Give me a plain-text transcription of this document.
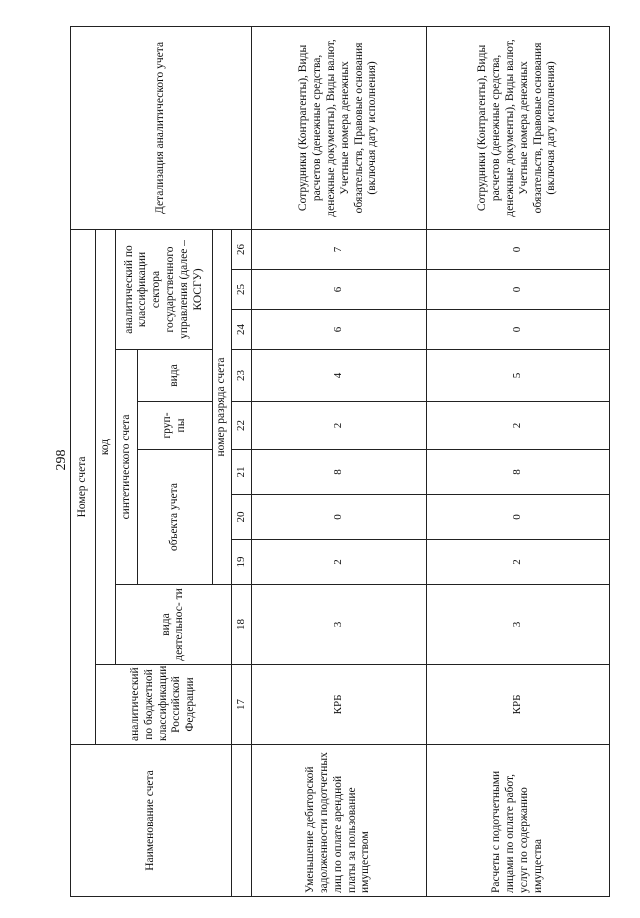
298
Наименование счета	Номер счета										Детализация аналитического учета
	аналитический по бюджетной классификации Российской Федерации	код									
		вида деятельнос- ти	синтетического счета					аналитический по классификации сектора государственного управления (далее – КОСГУ)			
			объекта учета			груп- пы	вида				
			номер разряда счета								
	17	18	19	20	21	22	23	24	25	26	
Уменьшение дебиторской задолженности подотчетных лиц по оплате арендной платы за пользование имуществом	КРБ	3	2	0	8	2	4	6	6	7	Сотрудники (Контрагенты), Виды расчетов (денежные средства, денежные документы), Виды валют, Учетные номера денежных обязательств, Правовые основания (включая дату исполнения)
Расчеты с подотчетными лицами по оплате работ, услуг по содержанию имущества	КРБ	3	2	0	8	2	5	0	0	0	Сотрудники (Контрагенты), Виды расчетов (денежные средства, денежные документы), Виды валют, Учетные номера денежных обязательств, Правовые основания (включая дату исполнения)
